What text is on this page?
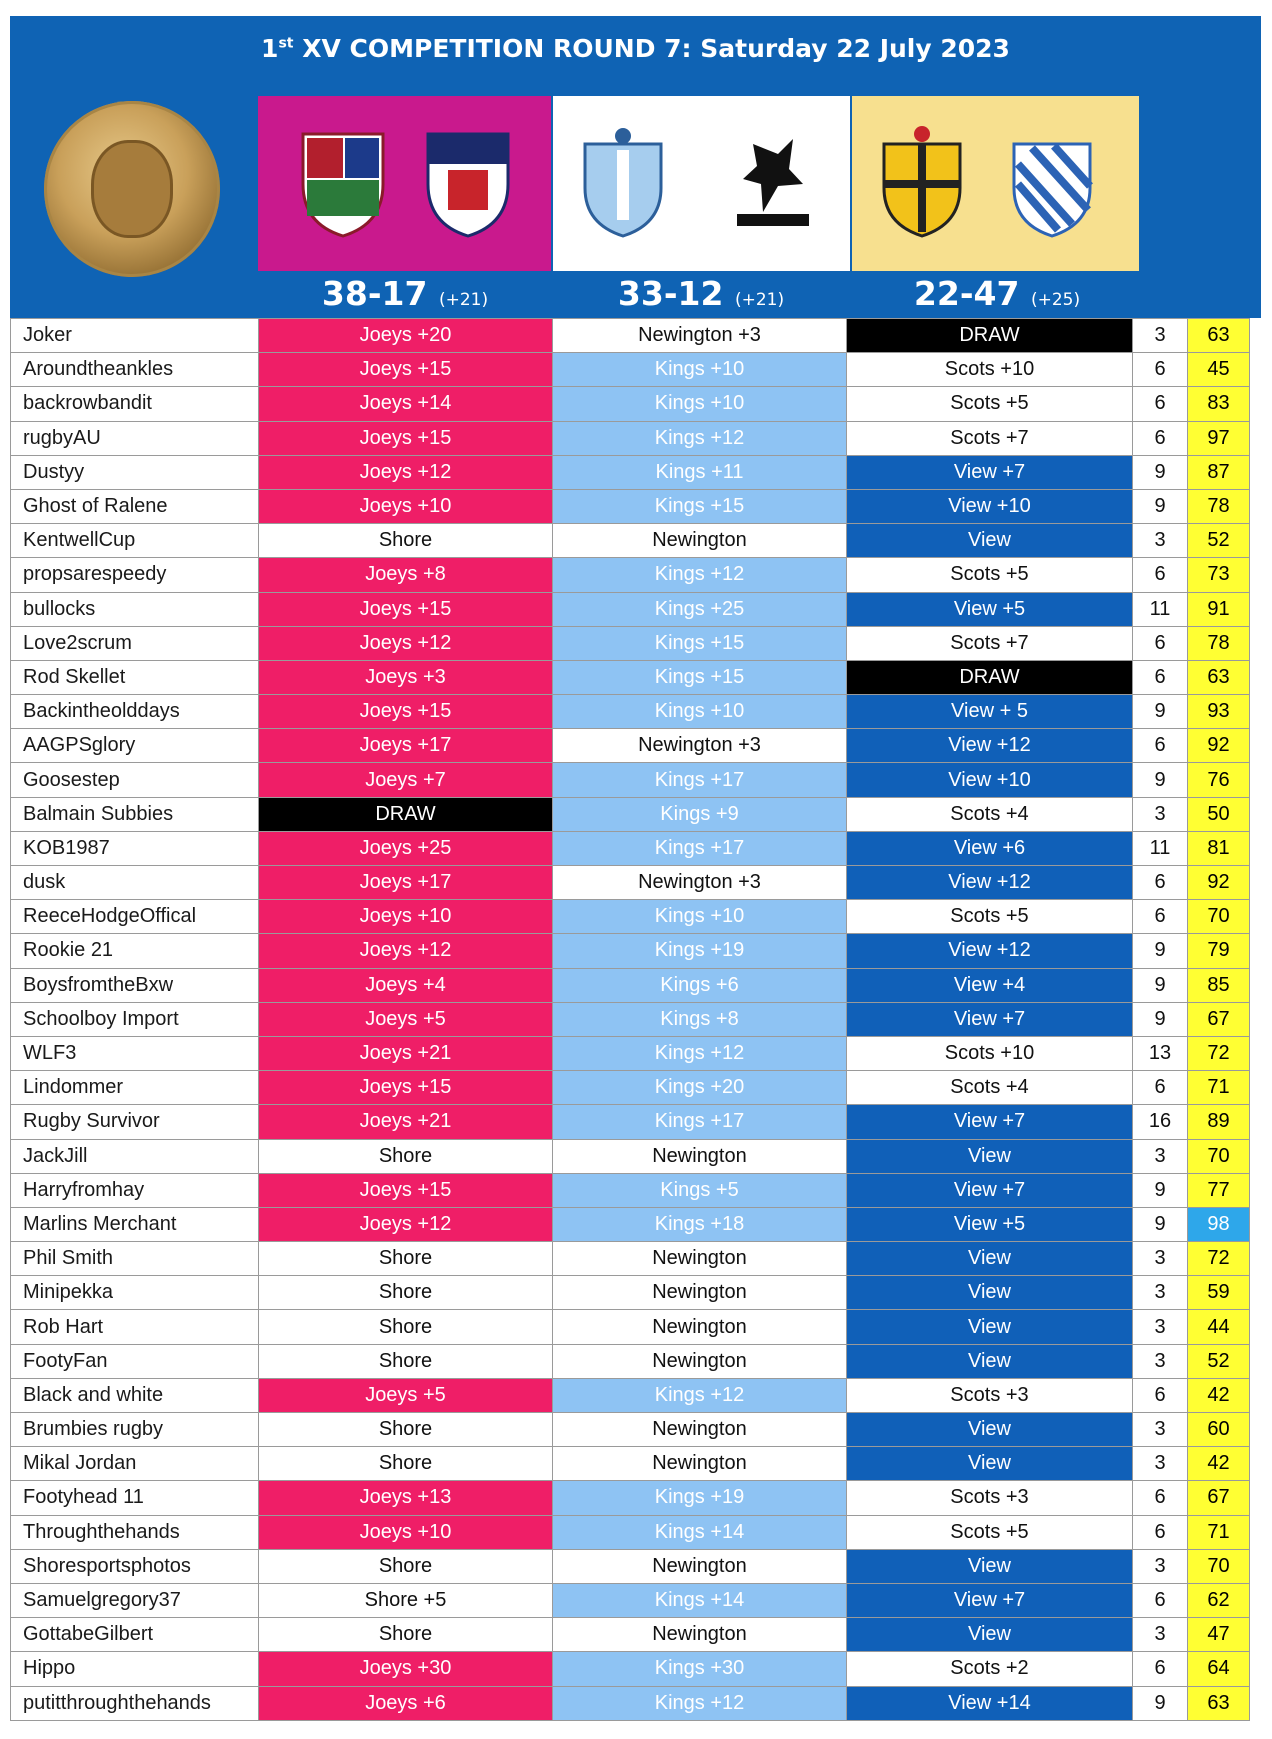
1st XV COMPETITION ROUND 7: Saturday 22 July 2023
38-17 (+21)	33-12 (+21)	22-47 (+25)
Joker	Joeys +20	Newington +3	DRAW	3	63
Aroundtheankles	Joeys +15	Kings +10	Scots +10	6	45
backrowbandit	Joeys +14	Kings +10	Scots +5	6	83
rugbyAU	Joeys +15	Kings +12	Scots +7	6	97
Dustyy	Joeys +12	Kings +11	View +7	9	87
Ghost of Ralene	Joeys +10	Kings +15	View +10	9	78
KentwellCup	Shore	Newington	View	3	52
propsarespeedy	Joeys +8	Kings +12	Scots +5	6	73
bullocks	Joeys +15	Kings +25	View +5	11	91
Love2scrum	Joeys +12	Kings +15	Scots +7	6	78
Rod Skellet	Joeys +3	Kings +15	DRAW	6	63
Backintheolddays	Joeys +15	Kings +10	View + 5	9	93
AAGPSglory	Joeys +17	Newington +3	View +12	6	92
Goosestep	Joeys +7	Kings +17	View +10	9	76
Balmain Subbies	DRAW	Kings +9	Scots +4	3	50
KOB1987	Joeys +25	Kings +17	View +6	11	81
dusk	Joeys +17	Newington +3	View +12	6	92
ReeceHodgeOffical	Joeys +10	Kings +10	Scots +5	6	70
Rookie 21	Joeys +12	Kings +19	View +12	9	79
BoysfromtheBxw	Joeys +4	Kings +6	View +4	9	85
Schoolboy Import	Joeys +5	Kings +8	View +7	9	67
WLF3	Joeys +21	Kings +12	Scots +10	13	72
Lindommer	Joeys +15	Kings +20	Scots +4	6	71
Rugby Survivor	Joeys +21	Kings +17	View +7	16	89
JackJill	Shore	Newington	View	3	70
Harryfromhay	Joeys +15	Kings +5	View +7	9	77
Marlins Merchant	Joeys +12	Kings +18	View +5	9	98
Phil Smith	Shore	Newington	View	3	72
Minipekka	Shore	Newington	View	3	59
Rob Hart	Shore	Newington	View	3	44
FootyFan	Shore	Newington	View	3	52
Black and white	Joeys +5	Kings +12	Scots +3	6	42
Brumbies rugby	Shore	Newington	View	3	60
Mikal Jordan	Shore	Newington	View	3	42
Footyhead 11	Joeys +13	Kings +19	Scots +3	6	67
Throughthehands	Joeys +10	Kings +14	Scots +5	6	71
Shoresportsphotos	Shore	Newington	View	3	70
Samuelgregory37	Shore +5	Kings +14	View +7	6	62
GottabeGilbert	Shore	Newington	View	3	47
Hippo	Joeys +30	Kings +30	Scots +2	6	64
putitthroughthehands	Joeys +6	Kings +12	View +14	9	63
